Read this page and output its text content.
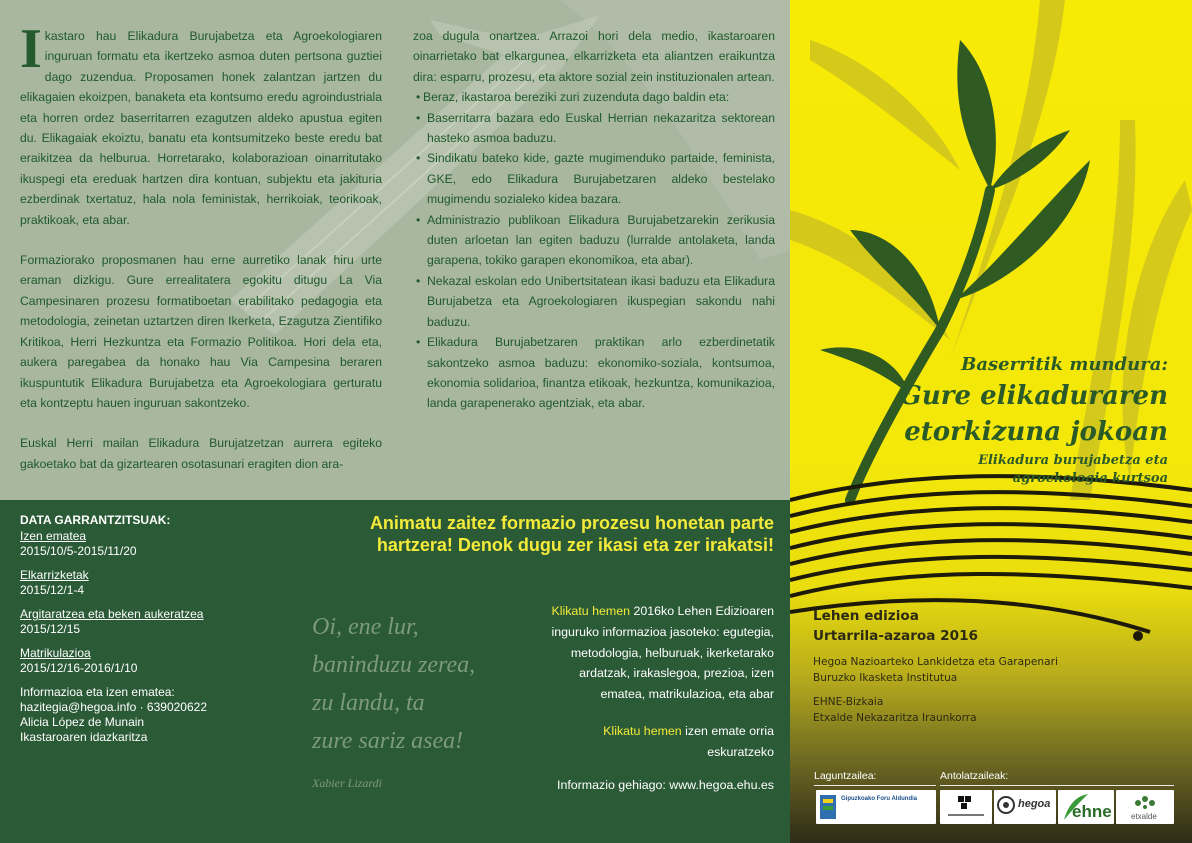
Ikastaro hau Elikadura Burujabetza eta Agroekologiaren inguruan formatu eta ikertzeko asmoa duten pertsona guztiei dago zuzendua. Proposamen honek zalantzan jartzen du elikagaien ekoizpen, banaketa eta kontsumo eredu agroindustriala eta horren ordez baserritarren ezagutzen aldeko apustua egiten du. Elikagaiak ekoiztu, banatu eta kontsumitzeko beste eredu bat eraikitzea da helburua. Horretarako, kolaborazioan oinarritutako ikuspegi eta ereduak hartzen dira kontuan, subjektu eta jakituria ezberdinak txertatuz, hala nola feministak, herrikoiak, teorikoak, praktikoak, eta abar.

Formaziorako proposmanen hau erne aurretiko lanak hiru urte eraman dizkigu. Gure errealitatera egokitu ditugu La Via Campesinaren prozesu formatiboetan erabilitako pedagogia eta metodologia, zeinetan uztartzen diren Ikerketa, Ezagutza Zientifiko Kritikoa, Herri Hezkuntza eta Formazio Politikoa. Hori dela eta, aukera paregabea da honako hau Via Campesina beraren ikuspuntutik Elikadura Burujabetza eta Agroekologiara gerturatu eta kontzeptu hauen inguruan sakontzeko.

Euskal Herri mailan Elikadura Burujatzetzan aurrera egiteko gakoetako bat da gizartearen osotasunari eragiten dion ara-

zoa dugula onartzea. Arrazoi hori dela medio, ikastaroaren oinarrietako bat elkargunea, elkarrizketa eta aliantzen eraikuntza dira: esparru, prozesu, eta aktore sozial zein instituzionalen artean.

• Beraz, ikastaroa bereziki zuri zuzenduta dago baldin eta:
• Baserritarra bazara edo Euskal Herrian nekazaritza sektorean hasteko asmoa baduzu.
• Sindikatu bateko kide, gazte mugimenduko partaide, feminista, GKE, edo Elikadura Burujabetzaren aldeko bestelako mugimendu sozialeko kidea bazara.
• Administrazio publikoan Elikadura Burujabetzarekin zerikusia duten arloetan lan egiten baduzu (lurralde antolaketa, landa garapena, tokiko garapen ekonomikoa, eta abar).
• Nekazal eskolan edo Unibertsitatean ikasi baduzu eta Elikadura Burujabetza eta Agroekologiaren ikuspegian sakondu nahi baduzu.
• Elikadura Burujabetzaren praktikan arlo ezberdinetatik sakontzeko asmoa baduzu: ekonomiko-soziala, kontsumoa, ekonomia solidarioa, finantza etikoak, hezkuntza, komunikazioa, landa garapenerako agentziak, eta abar.
DATA GARRANTZITSUAK:
Izen ematea
2015/10/5-2015/11/20
Elkarrizketak
2015/12/1-4
Argitaratzea eta beken aukeratzea
2015/12/15
Matrikulazioa
2015/12/16-2016/1/10
Informazioa eta izen ematea:
hazitegia@hegoa.info · 639020622
Alicia López de Munain
Ikastaroaren idazkaritza
Animatu zaitez formazio prozesu honetan parte
hartzera! Denok dugu zer ikasi eta zer irakatsi!
Oi, ene lur,
baninduzu zerea,
zu landu, ta
zure sariz asea!
Xabier Lizardi
Klikatu hemen 2016ko Lehen Edizioaren inguruko informazioa jasoteko: egutegia, metodologia, helburuak, ikerketarako ardatzak, irakaslegoa, prezioa, izen ematea, matrikulazioa, eta abar
Klikatu hemen izen emate orria eskuratzeko
Informazio gehiago: www.hegoa.ehu.es
Baserritik mundura:
Gure elikaduraren
etorkizuna jokoan
Elikadura burujabetza eta
agroekologia kurtsoa
Lehen edizioa
Urtarrila-azaroa 2016
Hegoa Nazioarteko Lankidetza eta Garapenari
Buruzko Ikasketa Institutua
EHNE-Bizkaia
Etxalde Nekazaritza Iraunkorra
Laguntzailea:	Antolatzaileak:
Gipuzkoako Foru Aldundia	hegoa ehne etxalde
